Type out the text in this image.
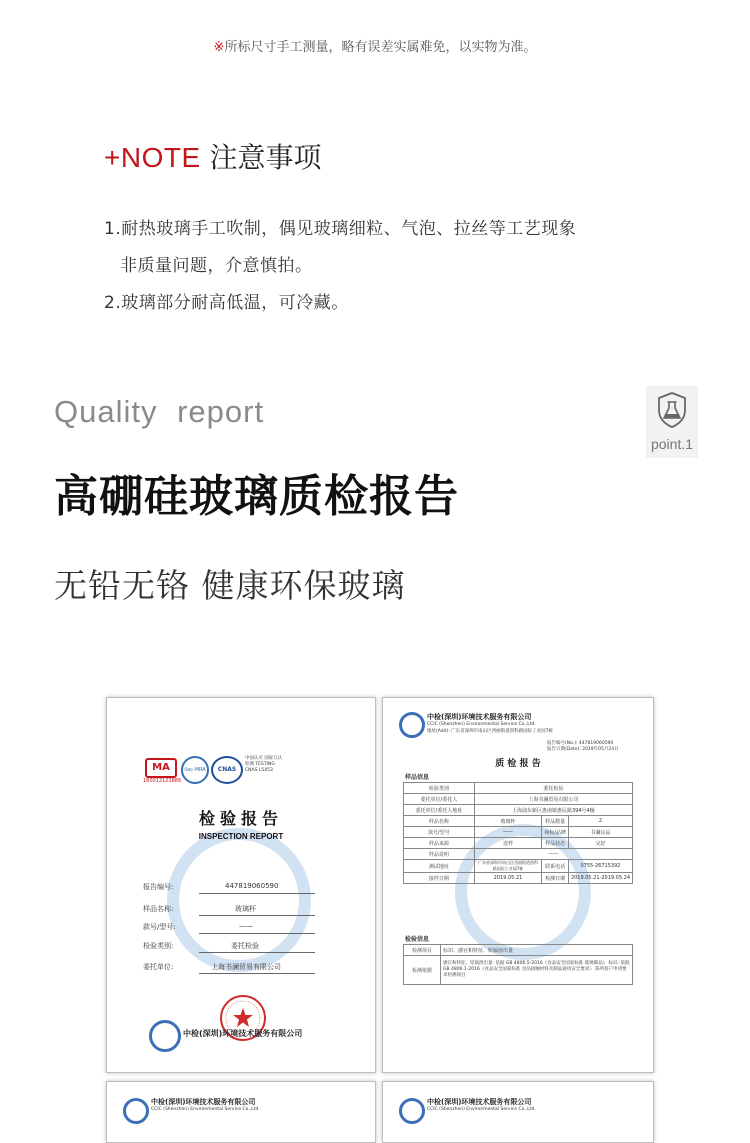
※所标尺寸手工测量，略有误差实属难免，以实物为准。
+NOTE 注意事项
1.耐热玻璃手工吹制，偶见玻璃细粒、气泡、拉丝等工艺现象
非质量问题，介意慎拍。
2.玻璃部分耐高低温，可冷藏。
Quality report
point.1
高硼硅玻璃质检报告
无铅无铬 健康环保玻璃
MA
160012123886
ilac-MRA	CNAS
中国认可 国际互认 检测 TESTING CNAS L5453
检验报告
INSPECTION REPORT
报告编号:	447819060590
样品名称:	玻璃杯
款号/型号:	——
检验类别:	委托检验
委托单位:	上海书澜贸易有限公司
中检(深圳)环境技术服务有限公司
中检(深圳)环境技术服务有限公司
CCIC (Shenzhen) Environmental Service Co.,Ltd.
地址(Add): 广东省深圳市南山区西丽街道创科路国际工业园7栋
报告编号(No.): 447819060590
报告日期(Date): 2019年05月24日
质 检 报 告
样品信息
检验类别	委托检验		
委托单位/委托人	上海书澜贸易有限公司		
委托单位/委托人地址	上海浦东新区惠南镇惠民路394号4幢		
样品名称	玻璃杯	样品数量	2
款号/型号	——	商标/品牌	书澜良品
样品来源	送样	样品状态	完好
样品说明	——		
测试地址	广东省深圳市南山区西丽街道创科路国际工业园7栋	联系电话	0755-26715392
接样日期	2019.05.21	检测日期	2019.05.21-2019.05.24
检验信息
检测项目	标识、感官和特征、铅镉溶出量
检测依据	感官和特征、铅镉溶出量: 依据 GB 4806.5-2016《食品安全国家标准 玻璃制品》 标识: 依据 GB 4806.1-2016《食品安全国家标准 食品接触材料及制品通用安全要求》 陈列客户申请要求检测项目
中检(深圳)环境技术服务有限公司
CCIC (Shenzhen) Environmental Service Co.,Ltd.
中检(深圳)环境技术服务有限公司
CCIC (Shenzhen) Environmental Service Co.,Ltd.
